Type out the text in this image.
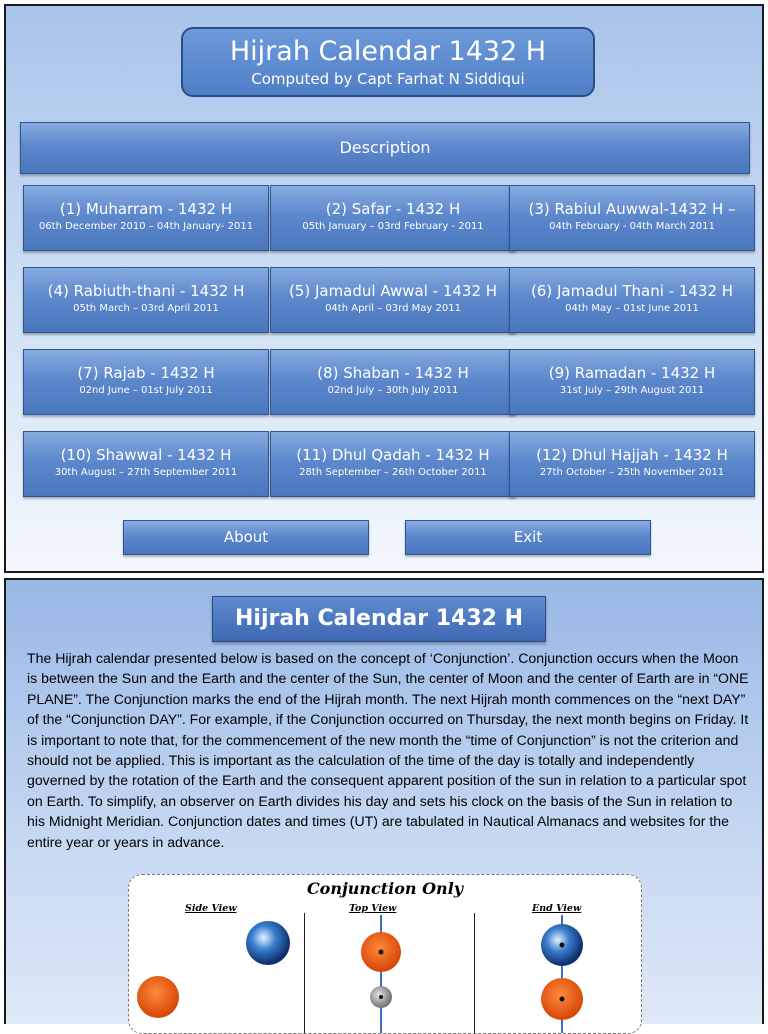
Hijrah Calendar 1432 H
Computed by Capt Farhat N Siddiqui
Description
(1) Muharram - 1432 H
06th December 2010 – 04th January- 2011
(2) Safar - 1432 H
05th January – 03rd February - 2011
(3) Rabiul Auwwal-1432 H –
04th February - 04th March 2011
(4) Rabiuth-thani - 1432 H
05th March – 03rd April 2011
(5) Jamadul Awwal - 1432 H
04th April – 03rd May 2011
(6) Jamadul Thani - 1432 H
04th May – 01st June 2011
(7) Rajab - 1432 H
02nd June – 01st July 2011
(8) Shaban - 1432 H
02nd July – 30th July 2011
(9) Ramadan - 1432 H
31st July – 29th August 2011
(10) Shawwal - 1432 H
30th August – 27th September 2011
(11) Dhul Qadah - 1432 H
28th September – 26th October 2011
(12) Dhul Hajjah - 1432 H
27th October – 25th November 2011
About	Exit
Hijrah Calendar 1432 H

The Hijrah calendar presented below is based on the concept of ‘Conjunction’. Conjunction occurs when the Moon is between the Sun and the Earth and the center of the Sun, the center of Moon and the center of Earth are in “ONE PLANE”. The Conjunction marks the end of the Hijrah month. The next Hijrah month commences on the “next DAY” of the “Conjunction DAY”. For example, if the Conjunction occurred on Thursday, the next month begins on Friday. It is important to note that, for the commencement of the new month the “time of Conjunction” is not the criterion and should not be applied. This is important as the calculation of the time of the day is totally and independently governed by the rotation of the Earth and the consequent apparent position of the sun in relation to a particular spot on Earth. To simplify, an observer on Earth divides his day and sets his clock on the basis of the Sun in relation to his Midnight Meridian. Conjunction dates and times (UT) are tabulated in Nautical Almanacs and websites for the entire year or years in advance.

Conjunction Only
Side View	Top View	End View
